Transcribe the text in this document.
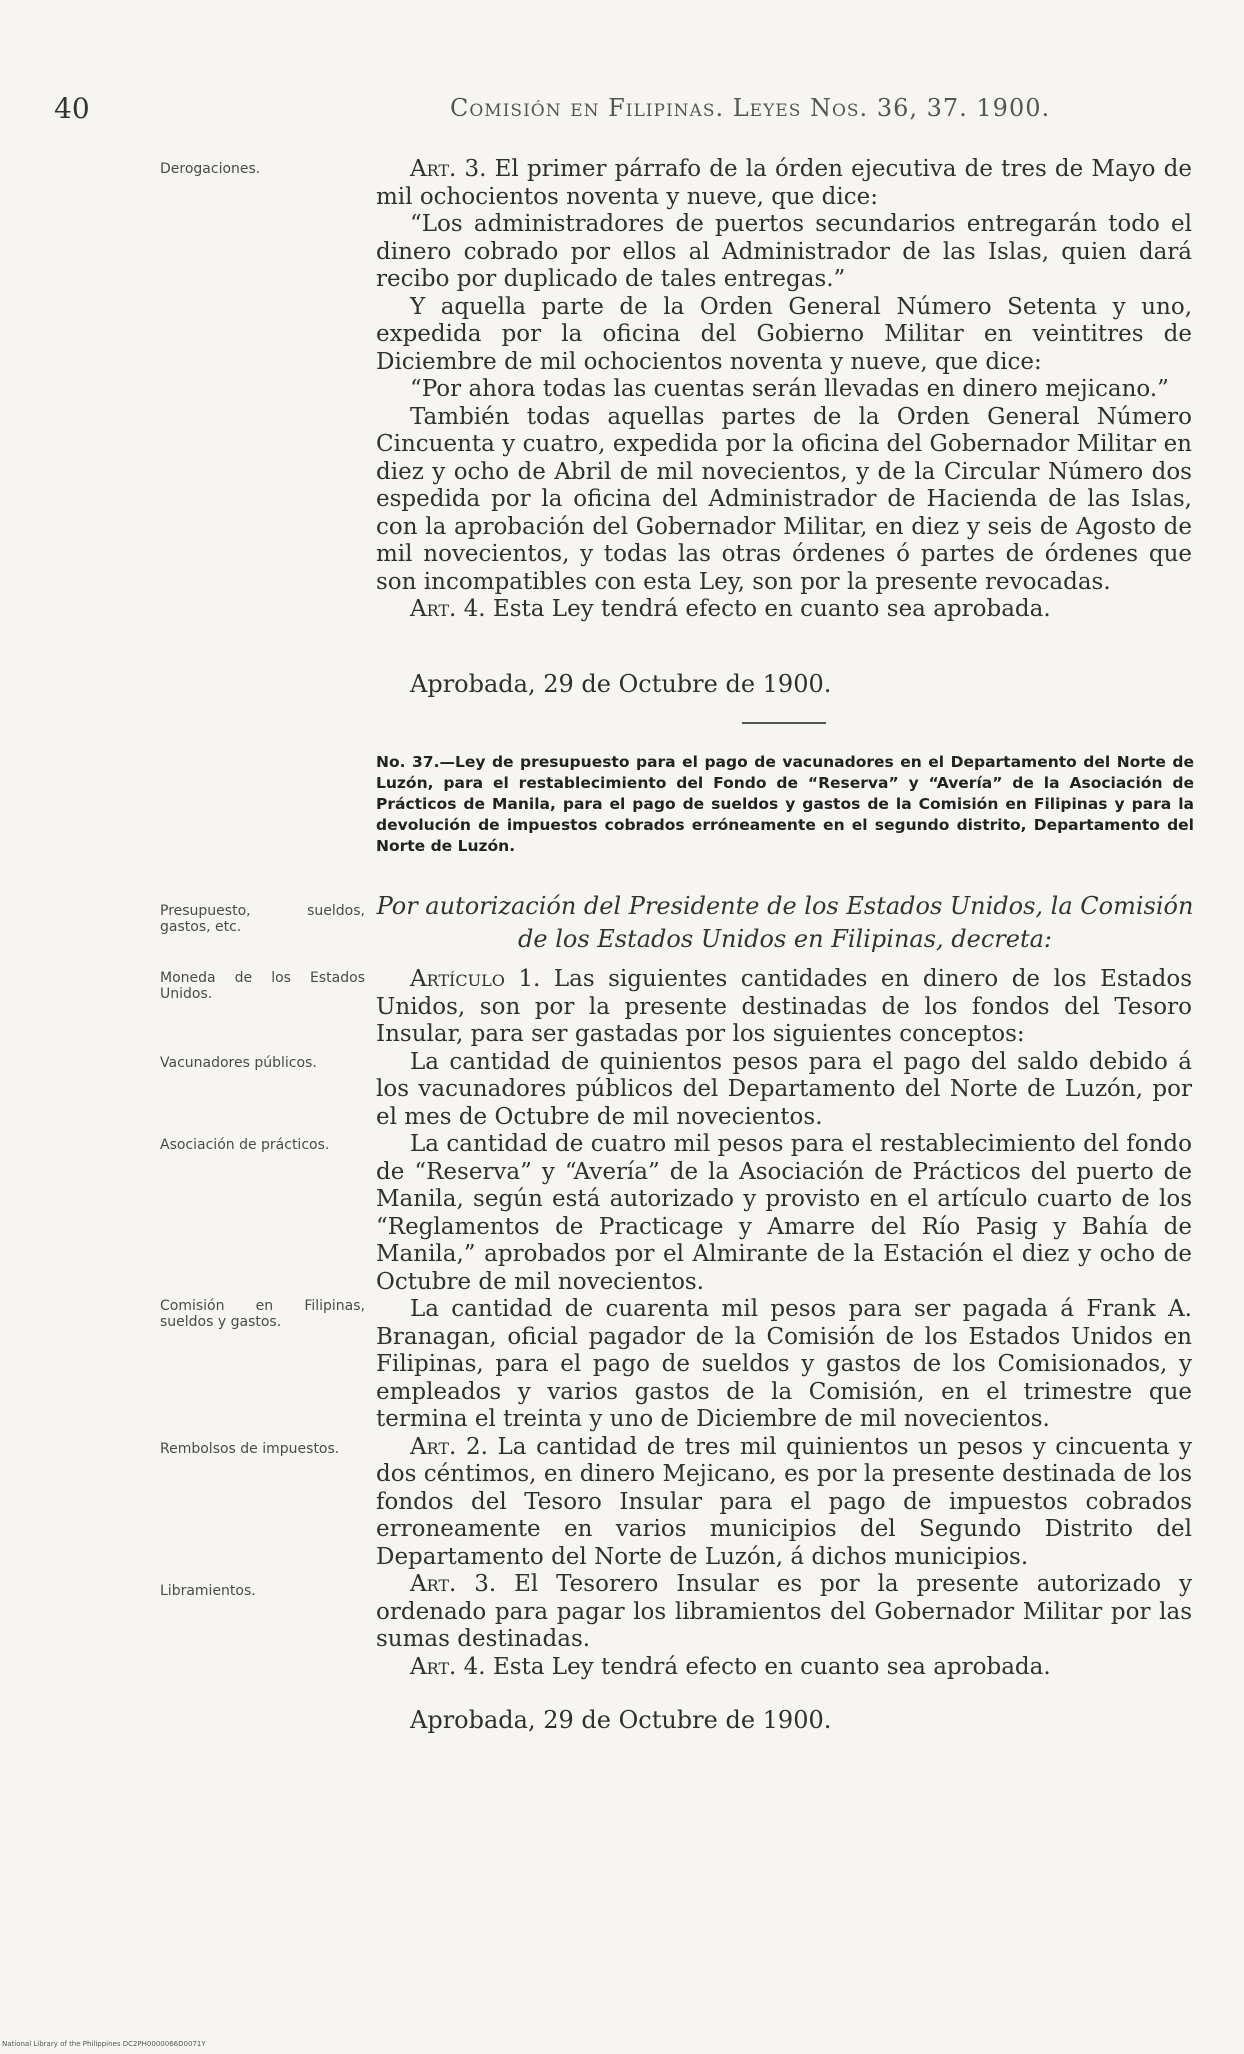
40	Comisión en Filipinas. Leyes Nos. 36, 37. 1900.
Derogaciones.
Presupuesto, sueldos, gastos, etc.
Moneda de los Estados Unidos.
Vacunadores públicos.
Asociación de prácticos.
Comisión en Filipinas, sueldos y gastos.
Rembolsos de impuestos.
Libramientos.

Art. 3. El primer párrafo de la órden ejecutiva de tres de Mayo de mil ochocientos noventa y nueve, que dice:

“Los administradores de puertos secundarios entregarán todo el dinero cobrado por ellos al Administrador de las Islas, quien dará recibo por duplicado de tales entregas.”

Y aquella parte de la Orden General Número Setenta y uno, expedida por la oficina del Gobierno Militar en veintitres de Diciembre de mil ochocientos noventa y nueve, que dice:

“Por ahora todas las cuentas serán llevadas en dinero mejicano.”

También todas aquellas partes de la Orden General Número Cincuenta y cuatro, expedida por la oficina del Gobernador Militar en diez y ocho de Abril de mil novecientos, y de la Circular Número dos espedida por la oficina del Administrador de Hacienda de las Islas, con la aprobación del Gobernador Militar, en diez y seis de Agosto de mil novecientos, y todas las otras órdenes ó partes de órdenes que son incompatibles con esta Ley, son por la presente revocadas.

Art. 4. Esta Ley tendrá efecto en cuanto sea aprobada.

Aprobada, 29 de Octubre de 1900.
No. 37.—Ley de presupuesto para el pago de vacunadores en el Departamento del Norte de Luzón, para el restablecimiento del Fondo de “Reserva” y “Avería” de la Asociación de Prácticos de Manila, para el pago de sueldos y gastos de la Comisión en Filipinas y para la devolución de impuestos cobrados erróneamente en el segundo distrito, Departamento del Norte de Luzón.
Por autorización del Presidente de los Estados Unidos, la Comisión
de los Estados Unidos en Filipinas, decreta:

Artículo 1. Las siguientes cantidades en dinero de los Estados Unidos, son por la presente destinadas de los fondos del Tesoro Insular, para ser gastadas por los siguientes conceptos:

La cantidad de quinientos pesos para el pago del saldo debido á los vacunadores públicos del Departamento del Norte de Luzón, por el mes de Octubre de mil novecientos.

La cantidad de cuatro mil pesos para el restablecimiento del fondo de “Reserva” y “Avería” de la Asociación de Prácticos del puerto de Manila, según está autorizado y provisto en el artículo cuarto de los “Reglamentos de Practicage y Amarre del Río Pasig y Bahía de Manila,” aprobados por el Almirante de la Estación el diez y ocho de Octubre de mil novecientos.

La cantidad de cuarenta mil pesos para ser pagada á Frank A. Branagan, oficial pagador de la Comisión de los Estados Unidos en Filipinas, para el pago de sueldos y gastos de los Comisionados, y empleados y varios gastos de la Comisión, en el trimestre que termina el treinta y uno de Diciembre de mil novecientos.

Art. 2. La cantidad de tres mil quinientos un pesos y cincuenta y dos céntimos, en dinero Mejicano, es por la presente destinada de los fondos del Tesoro Insular para el pago de impuestos cobrados erroneamente en varios municipios del Segundo Distrito del Departamento del Norte de Luzón, á dichos municipios.

Art. 3. El Tesorero Insular es por la presente autorizado y ordenado para pagar los libramientos del Gobernador Militar por las sumas destinadas.

Art. 4. Esta Ley tendrá efecto en cuanto sea aprobada.

Aprobada, 29 de Octubre de 1900.
National Library of the Philippines DC2PH0000066D0071Y
